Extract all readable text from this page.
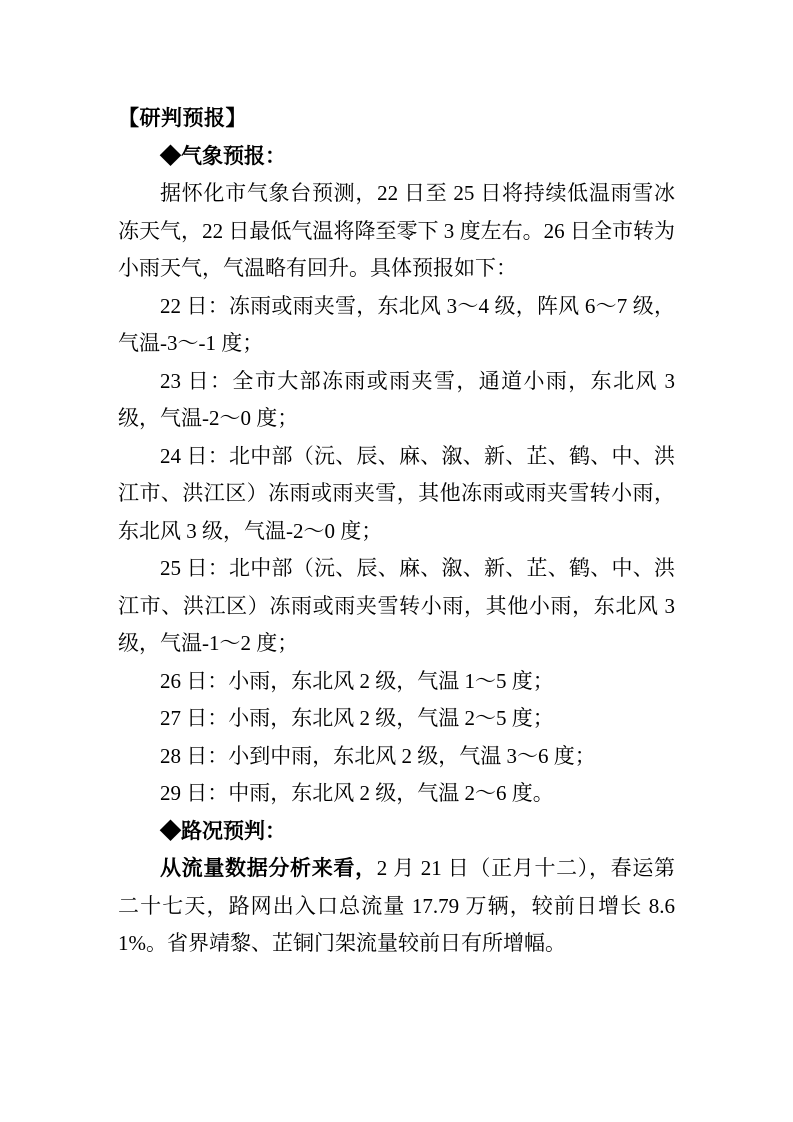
【研判预报】

◆气象预报：

据怀化市气象台预测，22 日至 25 日将持续低温雨雪冰冻天气，22 日最低气温将降至零下 3 度左右。26 日全市转为小雨天气，气温略有回升。具体预报如下：

22 日：冻雨或雨夹雪，东北风 3～4 级，阵风 6～7 级，气温-3～-1 度；

23 日：全市大部冻雨或雨夹雪，通道小雨，东北风 3 级，气温-2～0 度；

24 日：北中部（沅、辰、麻、溆、新、芷、鹤、中、洪江市、洪江区）冻雨或雨夹雪，其他冻雨或雨夹雪转小雨，东北风 3 级，气温-2～0 度；

25 日：北中部（沅、辰、麻、溆、新、芷、鹤、中、洪江市、洪江区）冻雨或雨夹雪转小雨，其他小雨，东北风 3 级，气温-1～2 度；

26 日：小雨，东北风 2 级，气温 1～5 度；

27 日：小雨，东北风 2 级，气温 2～5 度；

28 日：小到中雨，东北风 2 级，气温 3～6 度；

29 日：中雨，东北风 2 级，气温 2～6 度。

◆路况预判：

从流量数据分析来看，2 月 21 日（正月十二），春运第二十七天，路网出入口总流量 17.79 万辆，较前日增长 8.61%。省界靖黎、芷铜门架流量较前日有所增幅。
